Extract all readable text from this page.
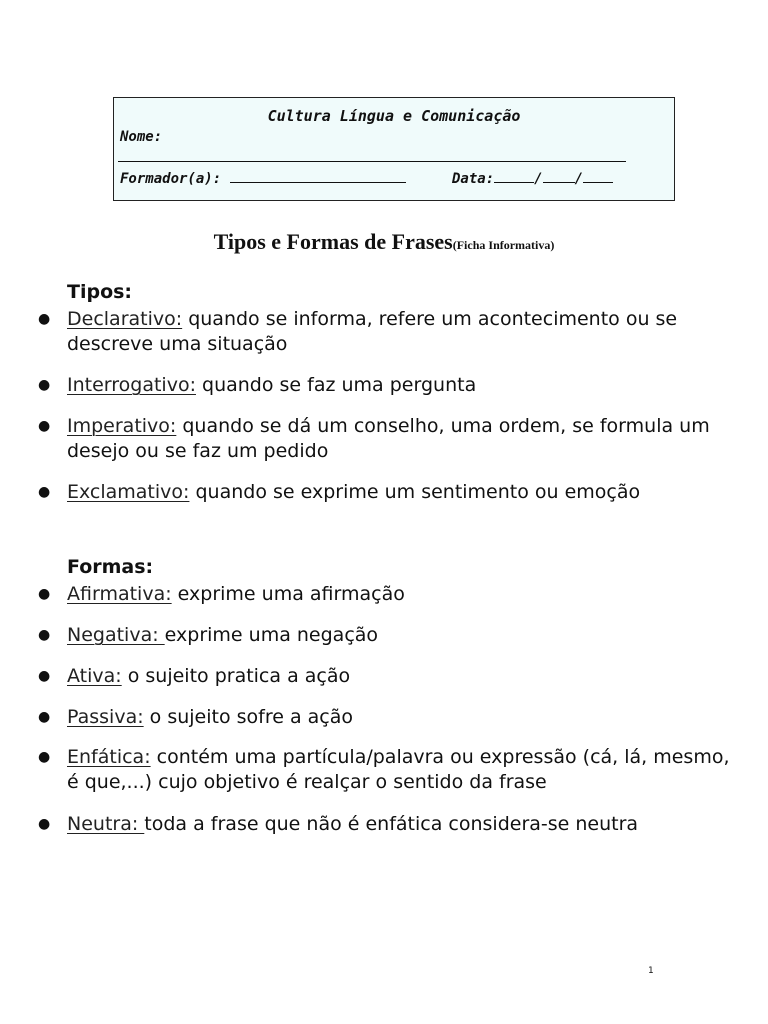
Cultura Língua e Comunicação
Nome:
Formador(a):	Data:	/ /
Tipos e Formas de Frases(Ficha Informativa)
Tipos:
● Declarativo: quando se informa, refere um acontecimento ou se descreve uma situação
● Interrogativo: quando se faz uma pergunta
● Imperativo: quando se dá um conselho, uma ordem, se formula um desejo ou se faz um pedido
● Exclamativo: quando se exprime um sentimento ou emoção
Formas:
● Afirmativa: exprime uma afirmação
● Negativa: exprime uma negação
● Ativa: o sujeito pratica a ação
● Passiva: o sujeito sofre a ação
● Enfática: contém uma partícula/palavra ou expressão (cá, lá, mesmo, é que,...) cujo objetivo é realçar o sentido da frase
● Neutra: toda a frase que não é enfática considera-se neutra
1
